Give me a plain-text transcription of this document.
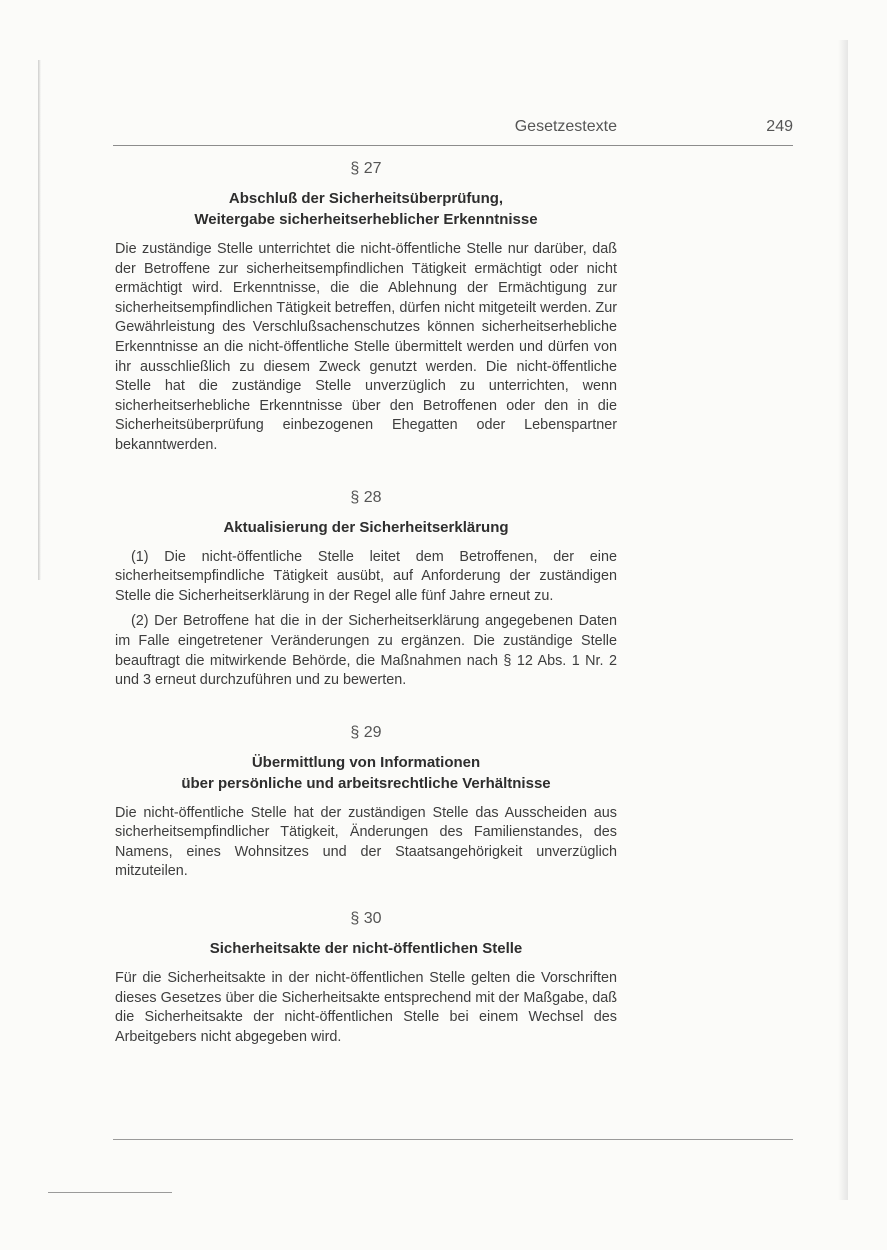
Gesetzestexte	249

§ 27

Abschluß der Sicherheitsüberprüfung,

Weitergabe sicherheitserheblicher Erkenntnisse

Die zuständige Stelle unterrichtet die nicht-öffentliche Stelle nur darüber, daß der Betroffene zur sicherheitsempfindlichen Tätigkeit ermächtigt oder nicht ermächtigt wird. Erkenntnisse, die die Ablehnung der Ermächtigung zur sicherheitsempfindlichen Tätigkeit betreffen, dürfen nicht mitgeteilt werden. Zur Gewährleistung des Verschlußsachenschutzes können sicherheitserhebliche Erkenntnisse an die nicht-öffentliche Stelle übermittelt werden und dürfen von ihr ausschließlich zu diesem Zweck genutzt werden. Die nicht-öffentliche Stelle hat die zuständige Stelle unverzüglich zu unterrichten, wenn sicherheitserhebliche Erkenntnisse über den Betroffenen oder den in die Sicherheitsüberprüfung einbezogenen Ehegatten oder Lebenspartner bekanntwerden.

§ 28

Aktualisierung der Sicherheitserklärung

(1) Die nicht-öffentliche Stelle leitet dem Betroffenen, der eine sicherheitsempfindliche Tätigkeit ausübt, auf Anforderung der zuständigen Stelle die Sicherheitserklärung in der Regel alle fünf Jahre erneut zu.

(2) Der Betroffene hat die in der Sicherheitserklärung angegebenen Daten im Falle eingetretener Veränderungen zu ergänzen. Die zuständige Stelle beauftragt die mitwirkende Behörde, die Maßnahmen nach § 12 Abs. 1 Nr. 2 und 3 erneut durchzuführen und zu bewerten.

§ 29

Übermittlung von Informationen

über persönliche und arbeitsrechtliche Verhältnisse

Die nicht-öffentliche Stelle hat der zuständigen Stelle das Ausscheiden aus sicherheitsempfindlicher Tätigkeit, Änderungen des Familienstandes, des Namens, eines Wohnsitzes und der Staatsangehörigkeit unverzüglich mitzuteilen.

§ 30

Sicherheitsakte der nicht-öffentlichen Stelle

Für die Sicherheitsakte in der nicht-öffentlichen Stelle gelten die Vorschriften dieses Gesetzes über die Sicherheitsakte entsprechend mit der Maßgabe, daß die Sicherheitsakte der nicht-öffentlichen Stelle bei einem Wechsel des Arbeitgebers nicht abgegeben wird.
